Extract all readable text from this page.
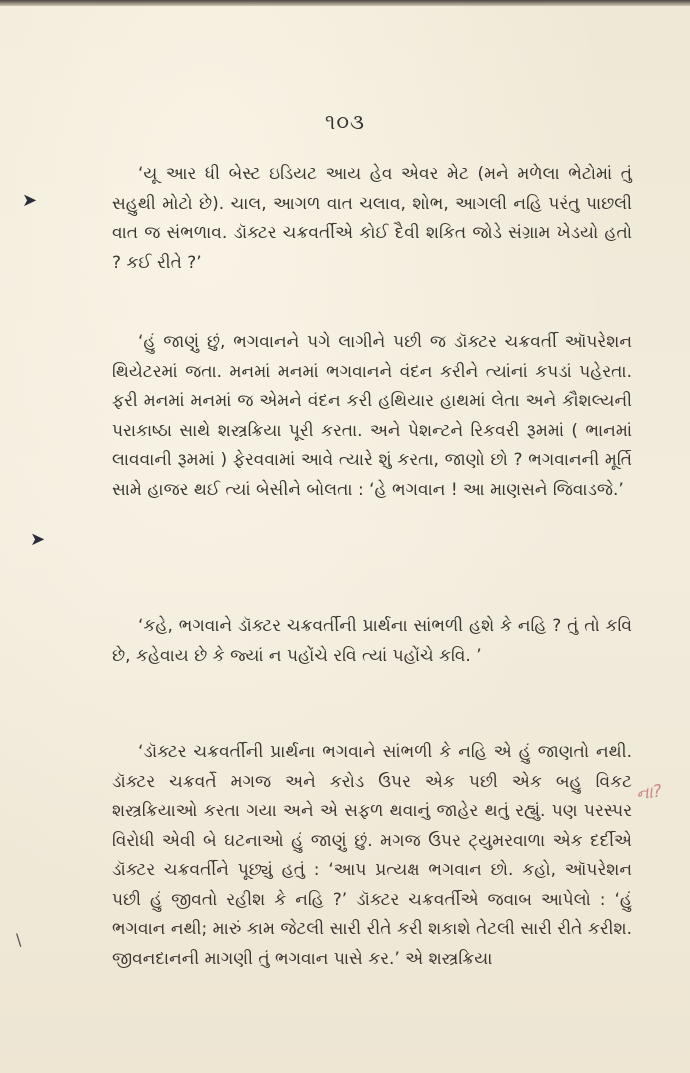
૧૦૩
➤
➤
ના?
\

‘યૂ આર ધી બેસ્ટ ઇડિયટ આય હેવ એવર મેટ (મને મળેલા ભેટોમાં તું સહુથી મોટો છે). ચાલ, આગળ વાત ચલાવ, શોભ, આગલી નહિ પરંતુ પાછલી વાત જ સંભળાવ. ડૉક્ટર ચક્રવર્તીએ કોઈ દૈવી શકિત જોડે સંગ્રામ ખેડયો હતો ? કઈ રીતે ?’

‘હું જાણું છું, ભગવાનને પગે લાગીને પછી જ ડૉક્ટર ચક્રવર્તી ઑપરેશન થિયેટરમાં જતા. મનમાં મનમાં ભગવાનને વંદન કરીને ત્યાંનાં કપડાં પહેરતા. ફરી મનમાં મનમાં જ એમને વંદન કરી હથિયાર હાથમાં લેતા અને કૌશલ્યની પરાકાષ્ઠા સાથે શસ્ત્રક્રિયા પૂરી કરતા. અને પેશન્ટને રિકવરી રૂમમાં ( ભાનમાં લાવવાની રૂમમાં ) ફેરવવામાં આવે ત્યારે શું કરતા, જાણો છો ? ભગવાનની મૂર્તિ સામે હાજર થઈ ત્યાં બેસીને બોલતા : ‘હે ભગવાન ! આ માણસને જિવાડજે.’

‘કહે, ભગવાને ડૉક્ટર ચક્રવર્તીની પ્રાર્થના સાંભળી હશે કે નહિ ? તું તો કવિ છે, કહેવાય છે કે જ્યાં ન પહોંચે રવિ ત્યાં પહોંચે કવિ. ’

‘ડૉક્ટર ચક્રવર્તીની પ્રાર્થના ભગવાને સાંભળી કે નહિ એ હું જાણતો નથી. ડૉક્ટર ચક્રવર્તે મગજ અને કરોડ ઉપર એક પછી એક બહુ વિકટ શસ્ત્રક્રિયાઓ કરતા ગયા અને એ સફળ થવાનું જાહેર થતું રહ્યું. પણ પરસ્પર વિરોધી એવી બે ઘટનાઓ હું જાણું છું. મગજ ઉપર ટ્યુમરવાળા એક દર્દીએ ડૉક્ટર ચક્રવર્તીને પૂછ્યું હતું : ‘આપ પ્રત્યક્ષ ભગવાન છો. કહો, ઑપરેશન પછી હું જીવતો રહીશ કે નહિ ?’ ડૉક્ટર ચક્રવર્તીએ જવાબ આપેલો : ‘હું ભગવાન નથી; મારું કામ જેટલી સારી રીતે કરી શકાશે તેટલી સારી રીતે કરીશ. જીવનદાનની માગણી તું ભગવાન પાસે કર.’ એ શસ્ત્રક્રિયા
